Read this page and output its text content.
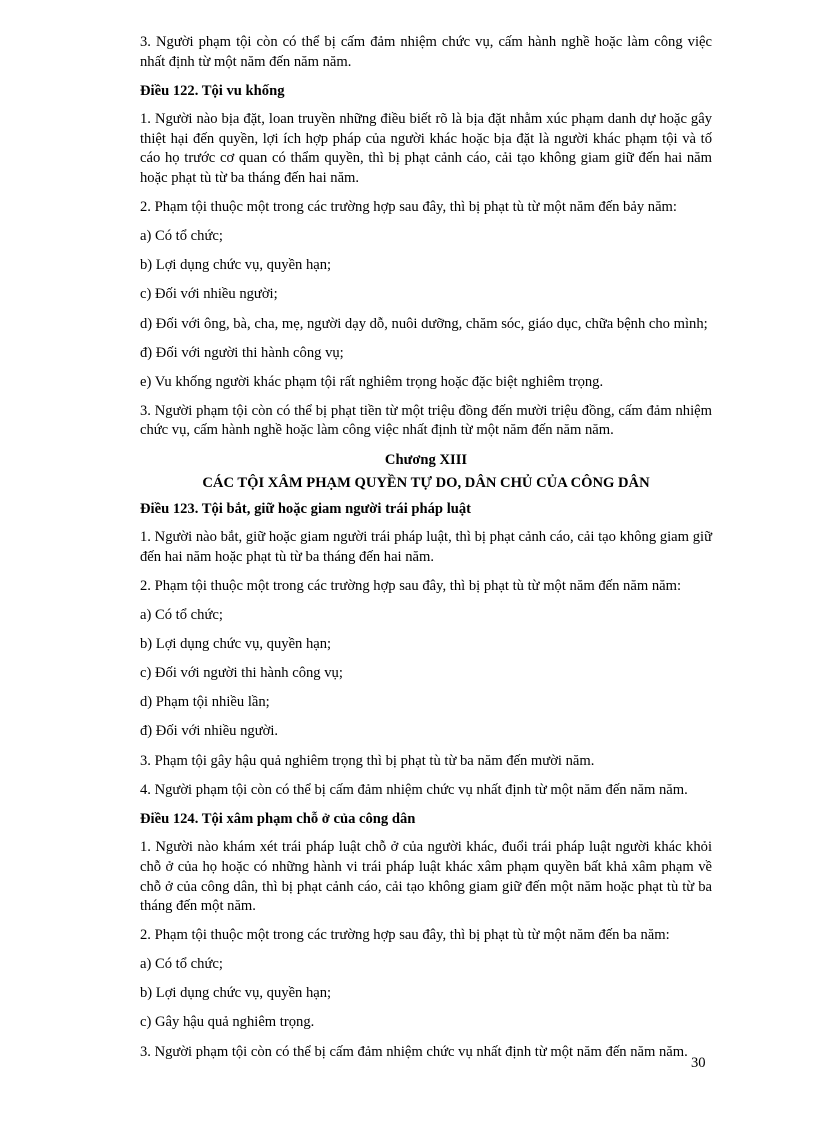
3. Người phạm tội còn có thể bị cấm đảm nhiệm chức vụ, cấm hành nghề hoặc làm công việc nhất định từ một năm đến năm năm.

Điều 122. Tội vu khống

1. Người nào bịa đặt, loan truyền những điều biết rõ là bịa đặt nhằm xúc phạm danh dự hoặc gây thiệt hại đến quyền, lợi ích hợp pháp của người khác hoặc bịa đặt là người khác phạm tội và tố cáo họ trước cơ quan có thẩm quyền, thì bị phạt cảnh cáo, cải tạo không giam giữ đến hai năm hoặc phạt tù từ ba tháng đến hai năm.

2. Phạm tội thuộc một trong các trường hợp sau đây, thì bị phạt tù từ một năm đến bảy năm:

a) Có tổ chức;

b) Lợi dụng chức vụ, quyền hạn;

c) Đối với nhiều người;

d) Đối với ông, bà, cha, mẹ, người dạy dỗ, nuôi dưỡng, chăm sóc, giáo dục, chữa bệnh cho mình;

đ) Đối với người thi hành công vụ;

e) Vu khống người khác phạm tội rất nghiêm trọng hoặc đặc biệt nghiêm trọng.

3. Người phạm tội còn có thể bị phạt tiền từ một triệu đồng đến mười triệu đồng, cấm đảm nhiệm chức vụ, cấm hành nghề hoặc làm công việc nhất định từ một năm đến năm năm.

Chương XIII

CÁC TỘI XÂM PHẠM QUYỀN TỰ DO, DÂN CHỦ CỦA CÔNG DÂN

Điều 123. Tội bắt, giữ hoặc giam người trái pháp luật

1. Người nào bắt, giữ hoặc giam người trái pháp luật, thì bị phạt cảnh cáo, cải tạo không giam giữ đến hai năm hoặc phạt tù từ ba tháng đến hai năm.

2. Phạm tội thuộc một trong các trường hợp sau đây, thì bị phạt tù từ một năm đến năm năm:

a) Có tổ chức;

b) Lợi dụng chức vụ, quyền hạn;

c) Đối với người thi hành công vụ;

d) Phạm tội nhiều lần;

đ) Đối với nhiều người.

3. Phạm tội gây hậu quả nghiêm trọng thì bị phạt tù từ ba năm đến mười năm.

4. Người phạm tội còn có thể bị cấm đảm nhiệm chức vụ nhất định từ một năm đến năm năm.

Điều 124. Tội xâm phạm chỗ ở của công dân

1. Người nào khám xét trái pháp luật chỗ ở của người khác, đuổi trái pháp luật người khác khỏi chỗ ở của họ hoặc có những hành vi trái pháp luật khác xâm phạm quyền bất khả xâm phạm về chỗ ở của công dân, thì bị phạt cảnh cáo, cải tạo không giam giữ đến một năm hoặc phạt tù từ ba tháng đến một năm.

2. Phạm tội thuộc một trong các trường hợp sau đây, thì bị phạt tù từ một năm đến ba năm:

a) Có tổ chức;

b) Lợi dụng chức vụ, quyền hạn;

c) Gây hậu quả nghiêm trọng.

3. Người phạm tội còn có thể bị cấm đảm nhiệm chức vụ nhất định từ một năm đến năm năm.

30
